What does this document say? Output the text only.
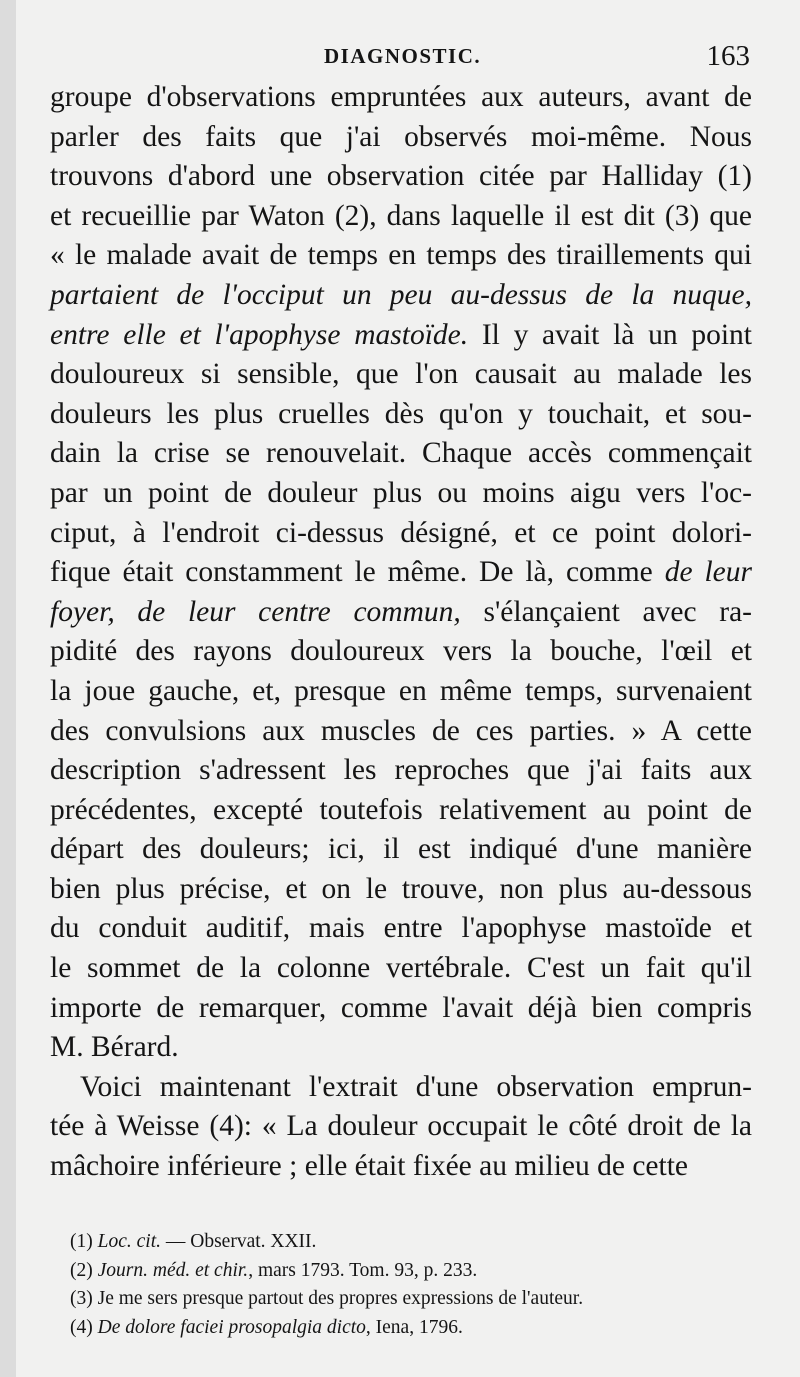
DIAGNOSTIC.	163
groupe d'observations empruntées aux auteurs, avant de
parler des faits que j'ai observés moi-même. Nous
trouvons d'abord une observation citée par Halliday (1)
et recueillie par Waton (2), dans laquelle il est dit (3) que
« le malade avait de temps en temps des tiraillements qui
partaient de l'occiput un peu au-dessus de la nuque,
entre elle et l'apophyse mastoïde. Il y avait là un point
douloureux si sensible, que l'on causait au malade les
douleurs les plus cruelles dès qu'on y touchait, et sou-
dain la crise se renouvelait. Chaque accès commençait
par un point de douleur plus ou moins aigu vers l'oc-
ciput, à l'endroit ci-dessus désigné, et ce point dolori-
fique était constamment le même. De là, comme de leur
foyer, de leur centre commun, s'élançaient avec ra-
pidité des rayons douloureux vers la bouche, l'œil et
la joue gauche, et, presque en même temps, survenaient
des convulsions aux muscles de ces parties. » A cette
description s'adressent les reproches que j'ai faits aux
précédentes, excepté toutefois relativement au point de
départ des douleurs; ici, il est indiqué d'une manière
bien plus précise, et on le trouve, non plus au-dessous
du conduit auditif, mais entre l'apophyse mastoïde et
le sommet de la colonne vertébrale. C'est un fait qu'il
importe de remarquer, comme l'avait déjà bien compris
M. Bérard.
Voici maintenant l'extrait d'une observation emprun-
tée à Weisse (4): « La douleur occupait le côté droit de la
mâchoire inférieure ; elle était fixée au milieu de cette
(1) Loc. cit. — Observat. XXII.
(2) Journ. méd. et chir., mars 1793. Tom. 93, p. 233.
(3) Je me sers presque partout des propres expressions de l'auteur.
(4) De dolore faciei prosopalgia dicto, Iena, 1796.
